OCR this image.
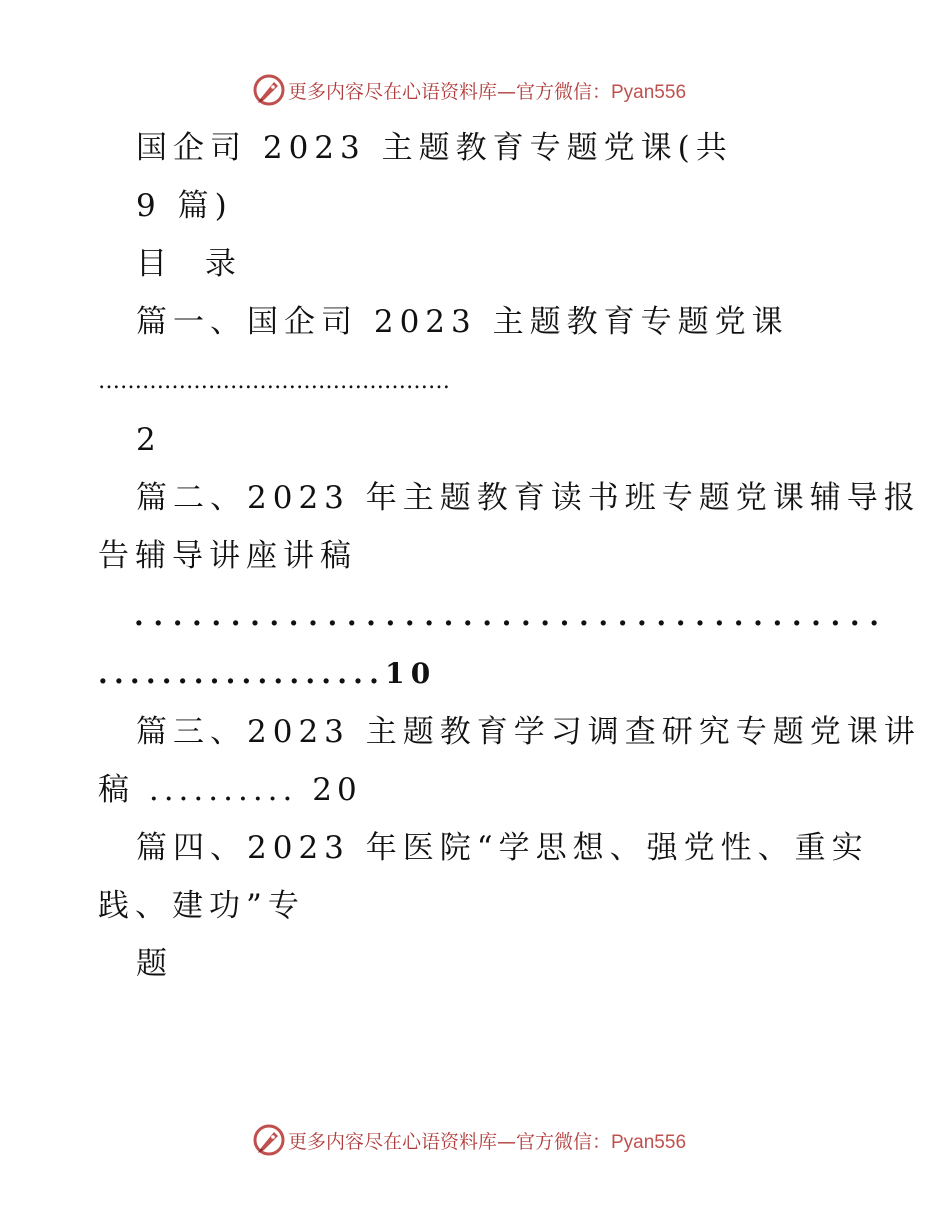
更多内容尽在心语资料库—官方微信：Pyan556
国企司 2023 主题教育专题党课(共
9 篇)
目 录
篇一、国企司 2023 主题教育专题党课
…………………………………………
2
篇二、2023 年主题教育读书班专题党课辅导报
告辅导讲座讲稿
.......................................
..................10
篇三、2023 主题教育学习调查研究专题党课讲
稿 .......... 20
篇四、2023 年医院“学思想、强党性、重实
践、建功”专
题
更多内容尽在心语资料库—官方微信：Pyan556
